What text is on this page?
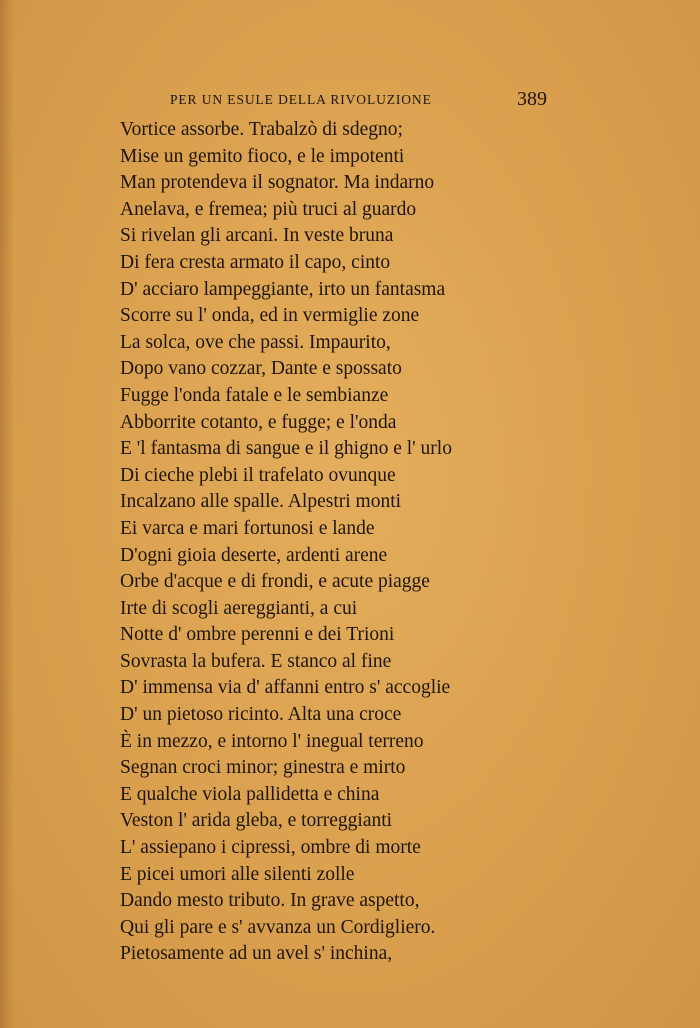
PER UN ESULE DELLA RIVOLUZIONE	389
Vortice assorbe. Trabalzò di sdegno;
Mise un gemito fioco, e le impotenti
Man protendeva il sognator. Ma indarno
Anelava, e fremea; più truci al guardo
Si rivelan gli arcani. In veste bruna
Di fera cresta armato il capo, cinto
D' acciaro lampeggiante, irto un fantasma
Scorre su l' onda, ed in vermiglie zone
La solca, ove che passi. Impaurito,
Dopo vano cozzar, Dante e spossato
Fugge l'onda fatale e le sembianze
Abborrite cotanto, e fugge; e l'onda
E 'l fantasma di sangue e il ghigno e l' urlo
Di cieche plebi il trafelato ovunque
Incalzano alle spalle. Alpestri monti
Ei varca e mari fortunosi e lande
D'ogni gioia deserte, ardenti arene
Orbe d'acque e di frondi, e acute piagge
Irte di scogli aereggianti, a cui
Notte d' ombre perenni e dei Trioni
Sovrasta la bufera. E stanco al fine
D' immensa via d' affanni entro s' accoglie
D' un pietoso ricinto. Alta una croce
È in mezzo, e intorno l' inegual terreno
Segnan croci minor; ginestra e mirto
E qualche viola pallidetta e china
Veston l' arida gleba, e torreggianti
L' assiepano i cipressi, ombre di morte
E picei umori alle silenti zolle
Dando mesto tributo. In grave aspetto,
Qui gli pare e s' avvanza un Cordigliero.
Pietosamente ad un avel s' inchina,
